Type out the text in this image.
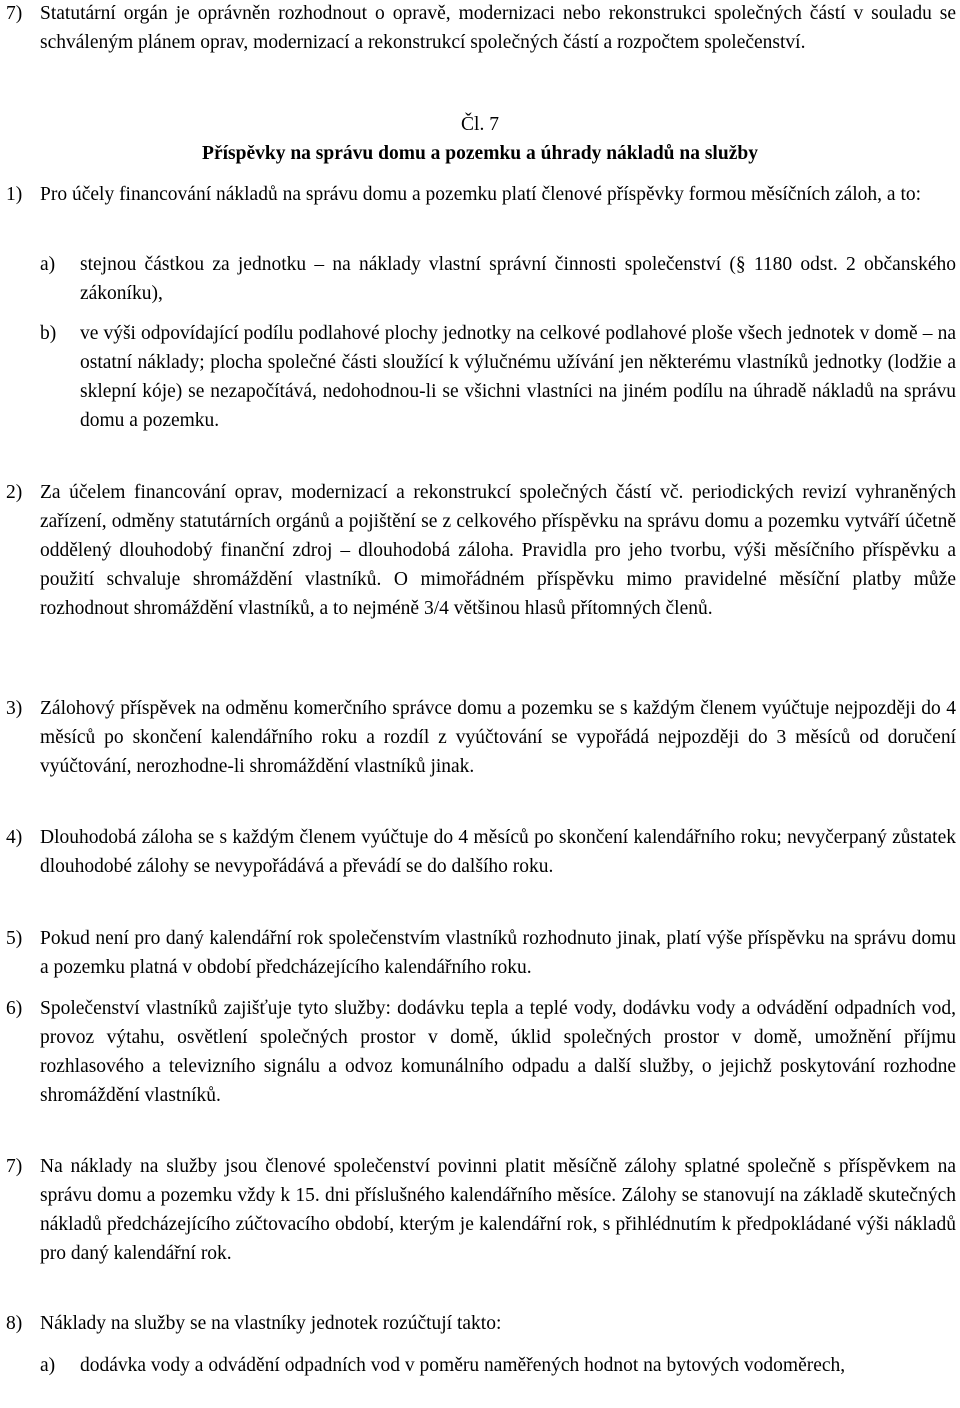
7) Statutární orgán je oprávněn rozhodnout o opravě, modernizaci nebo rekonstrukci společných částí v souladu se schváleným plánem oprav, modernizací a rekonstrukcí společných částí a rozpočtem společenství.
Čl. 7
Příspěvky na správu domu a pozemku a úhrady nákladů na služby
1) Pro účely financování nákladů na správu domu a pozemku platí členové příspěvky formou měsíčních záloh, a to:
a) stejnou částkou za jednotku – na náklady vlastní správní činnosti společenství (§ 1180 odst. 2 občanského zákoníku),
b) ve výši odpovídající podílu podlahové plochy jednotky na celkové podlahové ploše všech jednotek v domě – na ostatní náklady; plocha společné části sloužící k výlučnému užívání jen některému vlastníků jednotky (lodžie a sklepní kóje) se nezapočítává, nedohodnou-li se všichni vlastníci na jiném podílu na úhradě nákladů na správu domu a pozemku.
2) Za účelem financování oprav, modernizací a rekonstrukcí společných částí vč. periodických revizí vyhraněných zařízení, odměny statutárních orgánů a pojištění se z celkového příspěvku na správu domu a pozemku vytváří účetně oddělený dlouhodobý finanční zdroj – dlouhodobá záloha. Pravidla pro jeho tvorbu, výši měsíčního příspěvku a použití schvaluje shromáždění vlastníků. O mimořádném příspěvku mimo pravidelné měsíční platby může rozhodnout shromáždění vlastníků, a to nejméně 3/4 většinou hlasů přítomných členů.
3) Zálohový příspěvek na odměnu komerčního správce domu a pozemku se s každým členem vyúčtuje nejpozději do 4 měsíců po skončení kalendářního roku a rozdíl z vyúčtování se vypořádá nejpozději do 3 měsíců od doručení vyúčtování, nerozhodne-li shromáždění vlastníků jinak.
4) Dlouhodobá záloha se s každým členem vyúčtuje do 4 měsíců po skončení kalendářního roku; nevyčerpaný zůstatek dlouhodobé zálohy se nevypořádává a převádí se do dalšího roku.
5) Pokud není pro daný kalendářní rok společenstvím vlastníků rozhodnuto jinak, platí výše příspěvku na správu domu a pozemku platná v období předcházejícího kalendářního roku.
6) Společenství vlastníků zajišťuje tyto služby: dodávku tepla a teplé vody, dodávku vody a odvádění odpadních vod, provoz výtahu, osvětlení společných prostor v domě, úklid společných prostor v domě, umožnění příjmu rozhlasového a televizního signálu a odvoz komunálního odpadu a další služby, o jejichž poskytování rozhodne shromáždění vlastníků.
7) Na náklady na služby jsou členové společenství povinni platit měsíčně zálohy splatné společně s příspěvkem na správu domu a pozemku vždy k 15. dni příslušného kalendářního měsíce. Zálohy se stanovují na základě skutečných nákladů předcházejícího zúčtovacího období, kterým je kalendářní rok, s přihlédnutím k předpokládané výši nákladů pro daný kalendářní rok.
8) Náklady na služby se na vlastníky jednotek rozúčtují takto:
a) dodávka vody a odvádění odpadních vod v poměru naměřených hodnot na bytových vodoměrech,
